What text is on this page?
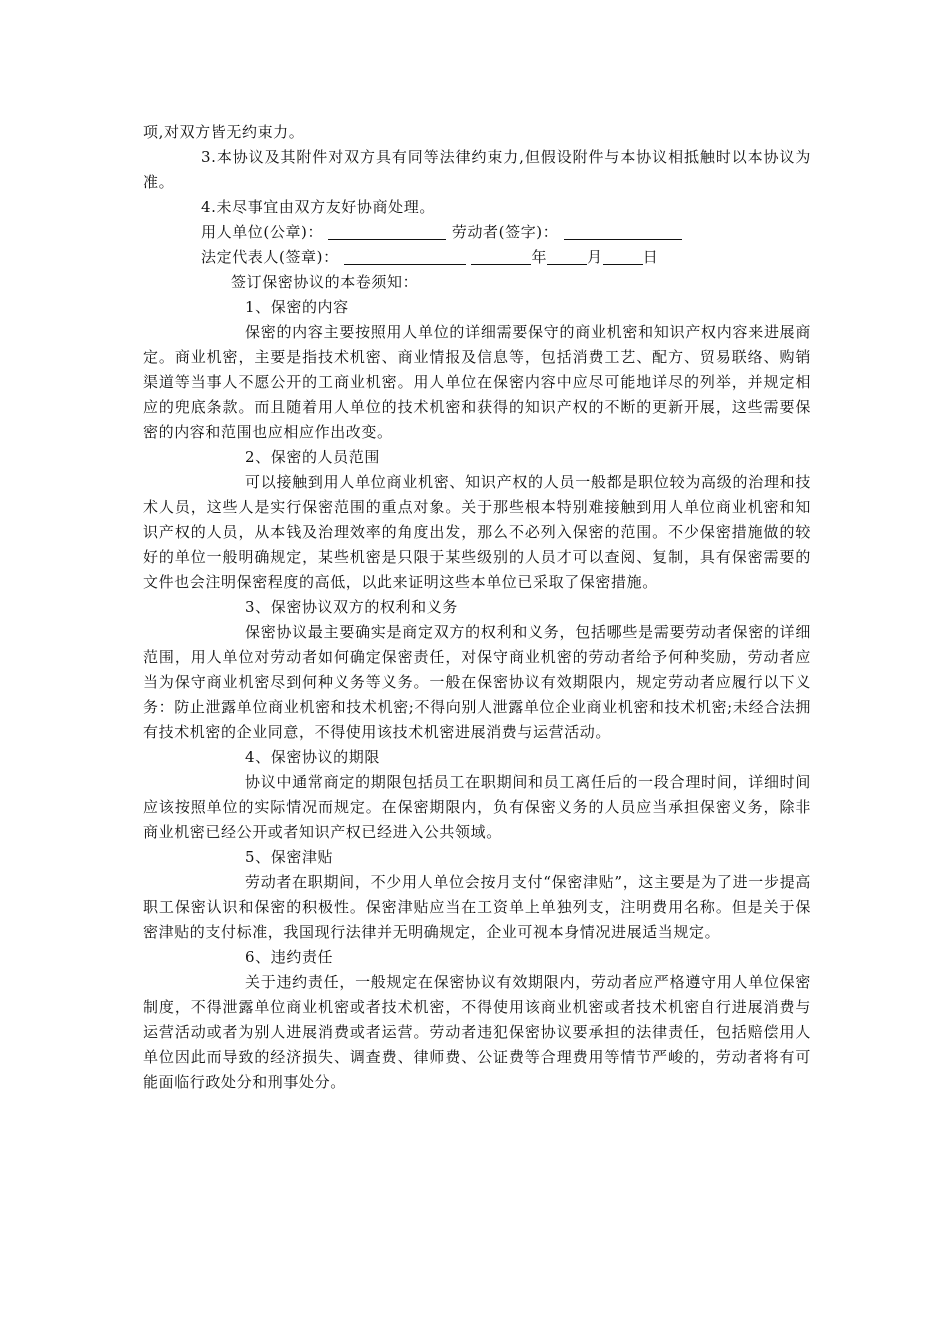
项,对双方皆无约束力。

3.本协议及其附件对双方具有同等法律约束力,但假设附件与本协议相抵触时以本协议为准。

4.未尽事宜由双方友好协商处理。

用人单位(公章)：	劳动者(签字)：
法定代表人(签章)：	年	月	日

签订保密协议的本卷须知：

1、保密的内容

保密的内容主要按照用人单位的详细需要保守的商业机密和知识产权内容来进展商定。商业机密，主要是指技术机密、商业情报及信息等，包括消费工艺、配方、贸易联络、购销渠道等当事人不愿公开的工商业机密。用人单位在保密内容中应尽可能地详尽的列举，并规定相应的兜底条款。而且随着用人单位的技术机密和获得的知识产权的不断的更新开展，这些需要保密的内容和范围也应相应作出改变。

2、保密的人员范围

可以接触到用人单位商业机密、知识产权的人员一般都是职位较为高级的治理和技术人员，这些人是实行保密范围的重点对象。关于那些根本特别难接触到用人单位商业机密和知识产权的人员，从本钱及治理效率的角度出发，那么不必列入保密的范围。不少保密措施做的较好的单位一般明确规定，某些机密是只限于某些级别的人员才可以查阅、复制，具有保密需要的文件也会注明保密程度的高低，以此来证明这些本单位已采取了保密措施。

3、保密协议双方的权利和义务

保密协议最主要确实是商定双方的权利和义务，包括哪些是需要劳动者保密的详细范围，用人单位对劳动者如何确定保密责任，对保守商业机密的劳动者给予何种奖励，劳动者应当为保守商业机密尽到何种义务等义务。一般在保密协议有效期限内，规定劳动者应履行以下义务：防止泄露单位商业机密和技术机密;不得向别人泄露单位企业商业机密和技术机密;未经合法拥有技术机密的企业同意，不得使用该技术机密进展消费与运营活动。

4、保密协议的期限

协议中通常商定的期限包括员工在职期间和员工离任后的一段合理时间，详细时间应该按照单位的实际情况而规定。在保密期限内，负有保密义务的人员应当承担保密义务，除非商业机密已经公开或者知识产权已经进入公共领域。

5、保密津贴

劳动者在职期间，不少用人单位会按月支付“保密津贴”，这主要是为了进一步提高职工保密认识和保密的积极性。保密津贴应当在工资单上单独列支，注明费用名称。但是关于保密津贴的支付标准，我国现行法律并无明确规定，企业可视本身情况进展适当规定。

6、违约责任

关于违约责任，一般规定在保密协议有效期限内，劳动者应严格遵守用人单位保密制度，不得泄露单位商业机密或者技术机密，不得使用该商业机密或者技术机密自行进展消费与运营活动或者为别人进展消费或者运营。劳动者违犯保密协议要承担的法律责任，包括赔偿用人单位因此而导致的经济损失、调查费、律师费、公证费等合理费用等情节严峻的，劳动者将有可能面临行政处分和刑事处分。
